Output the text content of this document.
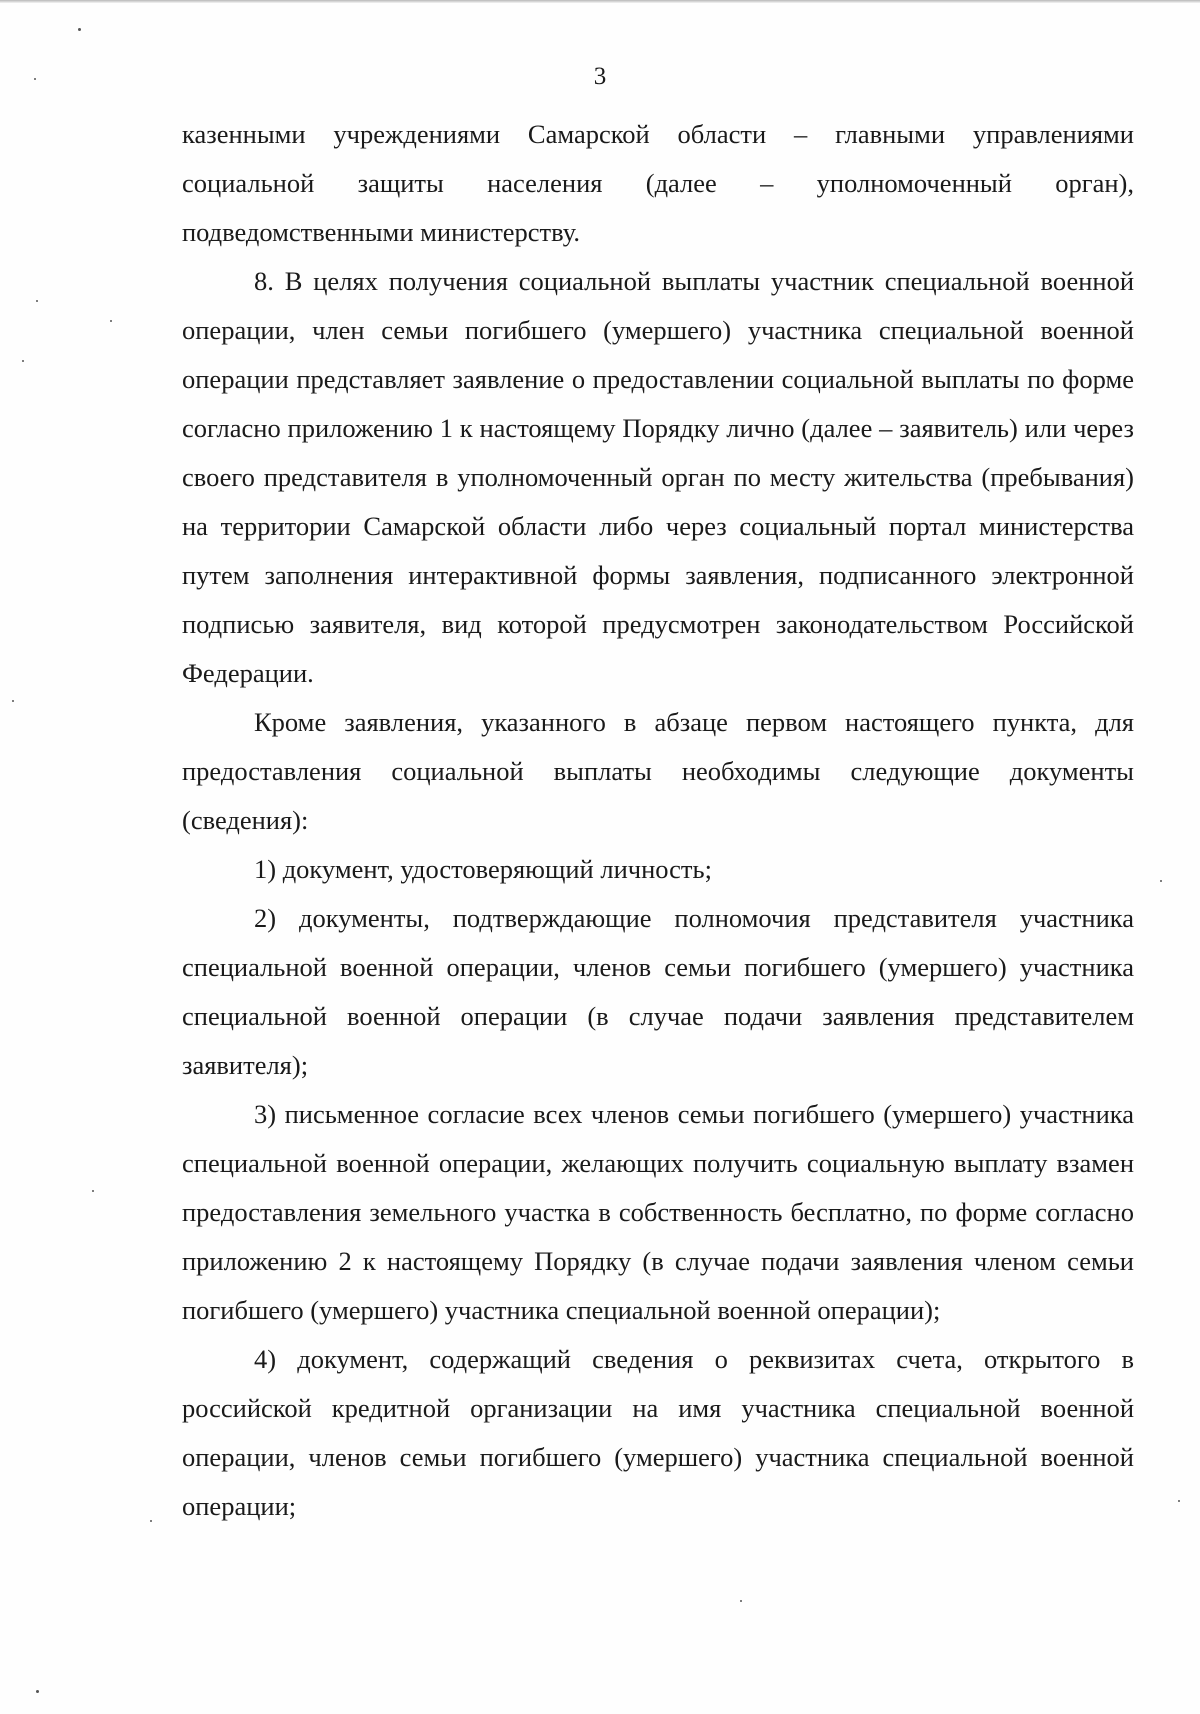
3

казенными учреждениями Самарской области – главными управлениями социальной защиты населения (далее – уполномоченный орган), подведомственными министерству.

8. В целях получения социальной выплаты участник специальной военной операции, член семьи погибшего (умершего) участника специальной военной операции представляет заявление о предоставлении социальной выплаты по форме согласно приложению 1 к настоящему Порядку лично (далее – заявитель) или через своего представителя в уполномоченный орган по месту жительства (пребывания) на территории Самарской области либо через социальный портал министерства путем заполнения интерактивной формы заявления, подписанного электронной подписью заявителя, вид которой предусмотрен законодательством Российской Федерации.

Кроме заявления, указанного в абзаце первом настоящего пункта, для предоставления социальной выплаты необходимы следующие документы (сведения):

1) документ, удостоверяющий личность;

2) документы, подтверждающие полномочия представителя участника специальной военной операции, членов семьи погибшего (умершего) участника специальной военной операции (в случае подачи заявления представителем заявителя);

3) письменное согласие всех членов семьи погибшего (умершего) участника специальной военной операции, желающих получить социальную выплату взамен предоставления земельного участка в собственность бесплатно, по форме согласно приложению 2 к настоящему Порядку (в случае подачи заявления членом семьи погибшего (умершего) участника специальной военной операции);

4) документ, содержащий сведения о реквизитах счета, открытого в российской кредитной организации на имя участника специальной военной операции, членов семьи погибшего (умершего) участника специальной военной операции;
